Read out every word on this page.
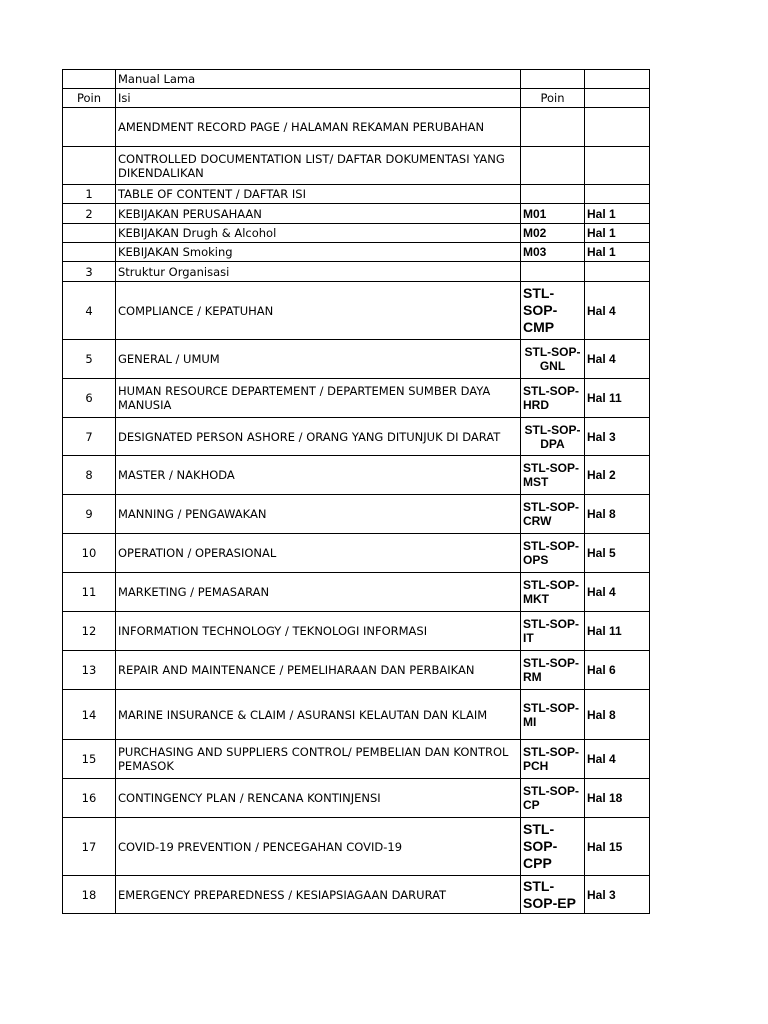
	Manual Lama		
Poin	Isi	Poin	
	AMENDMENT RECORD PAGE / HALAMAN REKAMAN PERUBAHAN		
	CONTROLLED DOCUMENTATION LIST/ DAFTAR DOKUMENTASI YANG DIKENDALIKAN		
1	TABLE OF CONTENT / DAFTAR ISI		
2	KEBIJAKAN PERUSAHAAN	M01	Hal 1
	KEBIJAKAN Drugh & Alcohol	M02	Hal 1
	KEBIJAKAN Smoking	M03	Hal 1
3	Struktur Organisasi		
4	COMPLIANCE / KEPATUHAN	STL-SOP-CMP	Hal 4
5	GENERAL / UMUM	STL-SOP-GNL	Hal 4
6	HUMAN RESOURCE DEPARTEMENT / DEPARTEMEN SUMBER DAYA MANUSIA	STL-SOP-HRD	Hal 11
7	DESIGNATED PERSON ASHORE / ORANG YANG DITUNJUK DI DARAT	STL-SOP-DPA	Hal 3
8	MASTER / NAKHODA	STL-SOP-MST	Hal 2
9	MANNING / PENGAWAKAN	STL-SOP-CRW	Hal 8
10	OPERATION / OPERASIONAL	STL-SOP-OPS	Hal 5
11	MARKETING / PEMASARAN	STL-SOP-MKT	Hal 4
12	INFORMATION TECHNOLOGY / TEKNOLOGI INFORMASI	STL-SOP-IT	Hal 11
13	REPAIR AND MAINTENANCE / PEMELIHARAAN DAN PERBAIKAN	STL-SOP-RM	Hal 6
14	MARINE INSURANCE & CLAIM / ASURANSI KELAUTAN DAN KLAIM	STL-SOP-MI	Hal 8
15	PURCHASING AND SUPPLIERS CONTROL/ PEMBELIAN DAN KONTROL PEMASOK	STL-SOP-PCH	Hal 4
16	CONTINGENCY PLAN / RENCANA KONTINJENSI	STL-SOP-CP	Hal 18
17	COVID-19 PREVENTION / PENCEGAHAN COVID-19	STL-SOP-CPP	Hal 15
18	EMERGENCY PREPAREDNESS / KESIAPSIAGAAN DARURAT	STL-SOP-EP	Hal 3
